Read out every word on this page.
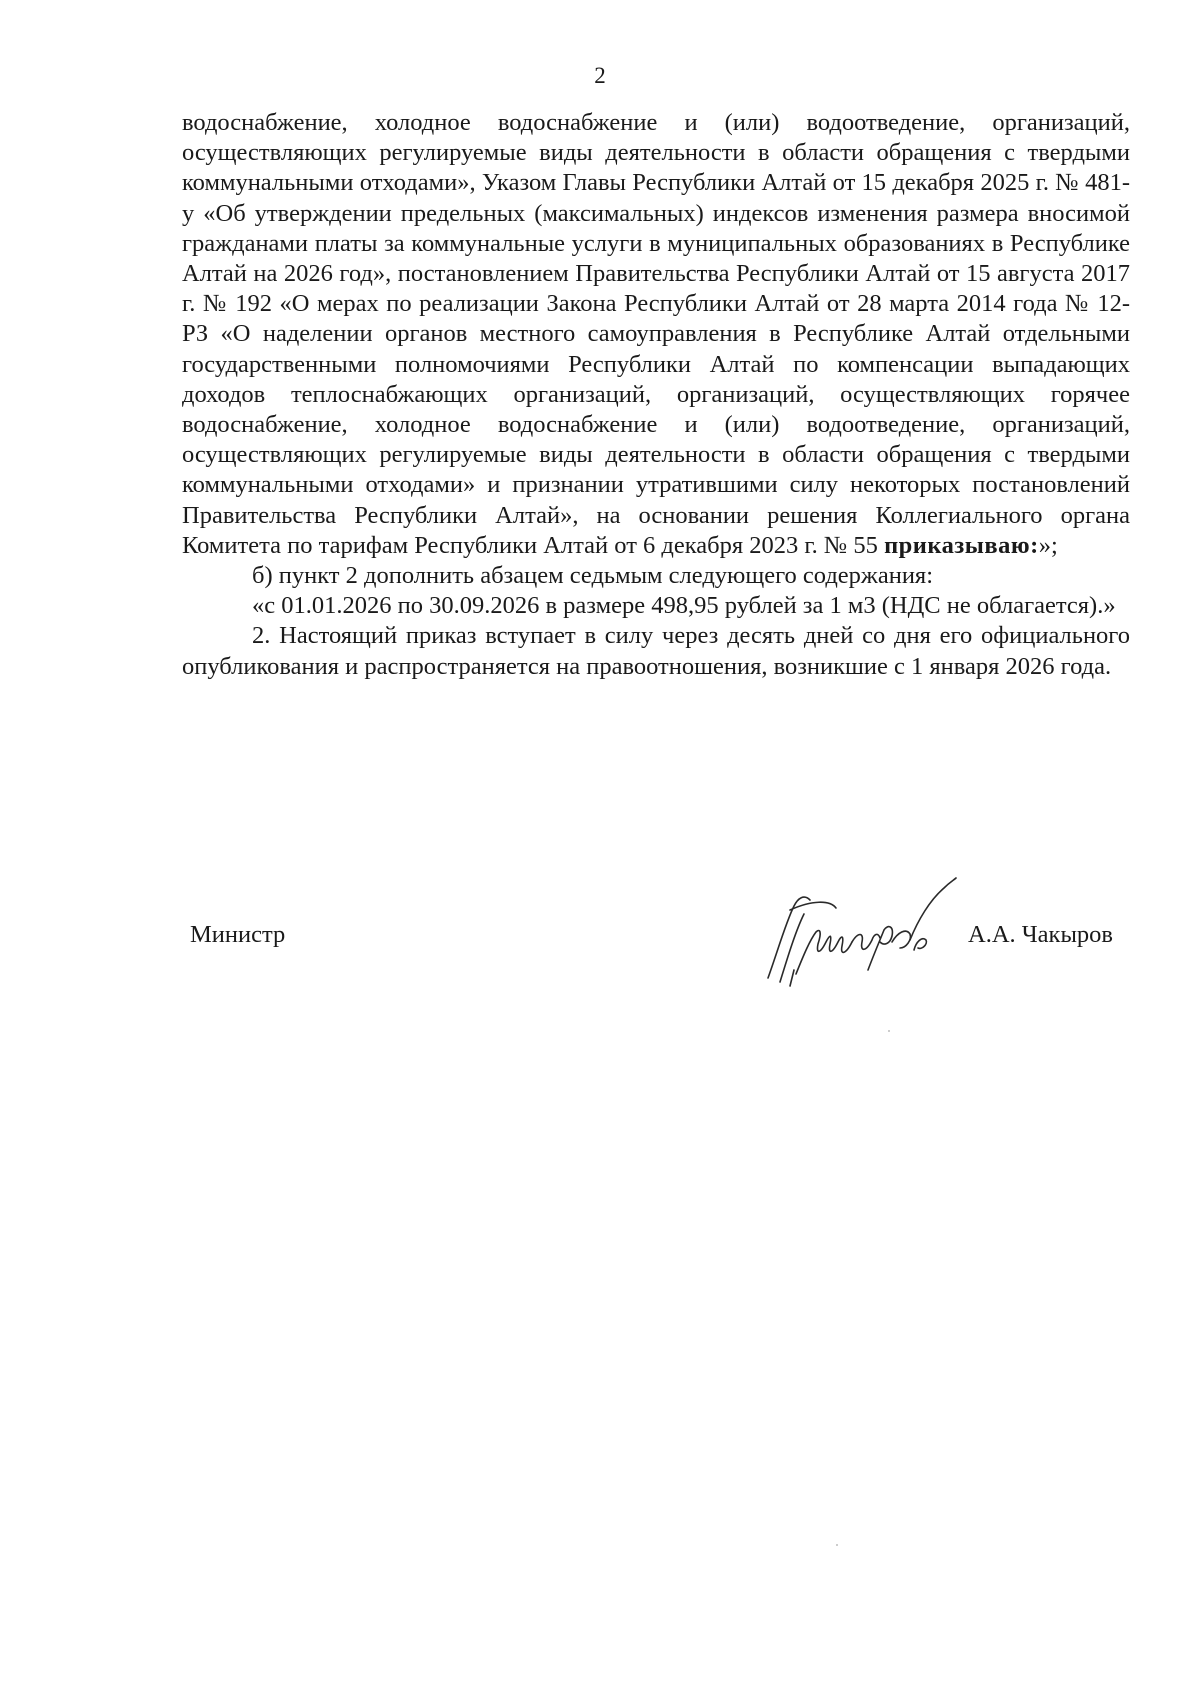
2

водоснабжение, холодное водоснабжение и (или) водоотведение, организаций, осуществляющих регулируемые виды деятельности в области обращения с твердыми коммунальными отходами», Указом Главы Республики Алтай от 15 декабря 2025 г. № 481-у «Об утверждении предельных (максимальных) индексов изменения размера вносимой гражданами платы за коммунальные услуги в муниципальных образованиях в Республике Алтай на 2026 год», постановлением Правительства Республики Алтай от 15 августа 2017 г. № 192 «О мерах по реализации Закона Республики Алтай от 28 марта 2014 года № 12-РЗ «О наделении органов местного самоуправления в Республике Алтай отдельными государственными полномочиями Республики Алтай по компенсации выпадающих доходов теплоснабжающих организаций, организаций, осуществляющих горячее водоснабжение, холодное водоснабжение и (или) водоотведение, организаций, осуществляющих регулируемые виды деятельности в области обращения с твердыми коммунальными отходами» и признании утратившими силу некоторых постановлений Правительства Республики Алтай», на основании решения Коллегиального органа Комитета по тарифам Республики Алтай от 6 декабря 2023 г. № 55 приказываю:»;

б) пункт 2 дополнить абзацем седьмым следующего содержания:

«с 01.01.2026 по 30.09.2026 в размере 498,95 рублей за 1 м3 (НДС не облагается).»

2. Настоящий приказ вступает в силу через десять дней со дня его официального опубликования и распространяется на правоотношения, возникшие с 1 января 2026 года.

Министр	А.А. Чакыров
